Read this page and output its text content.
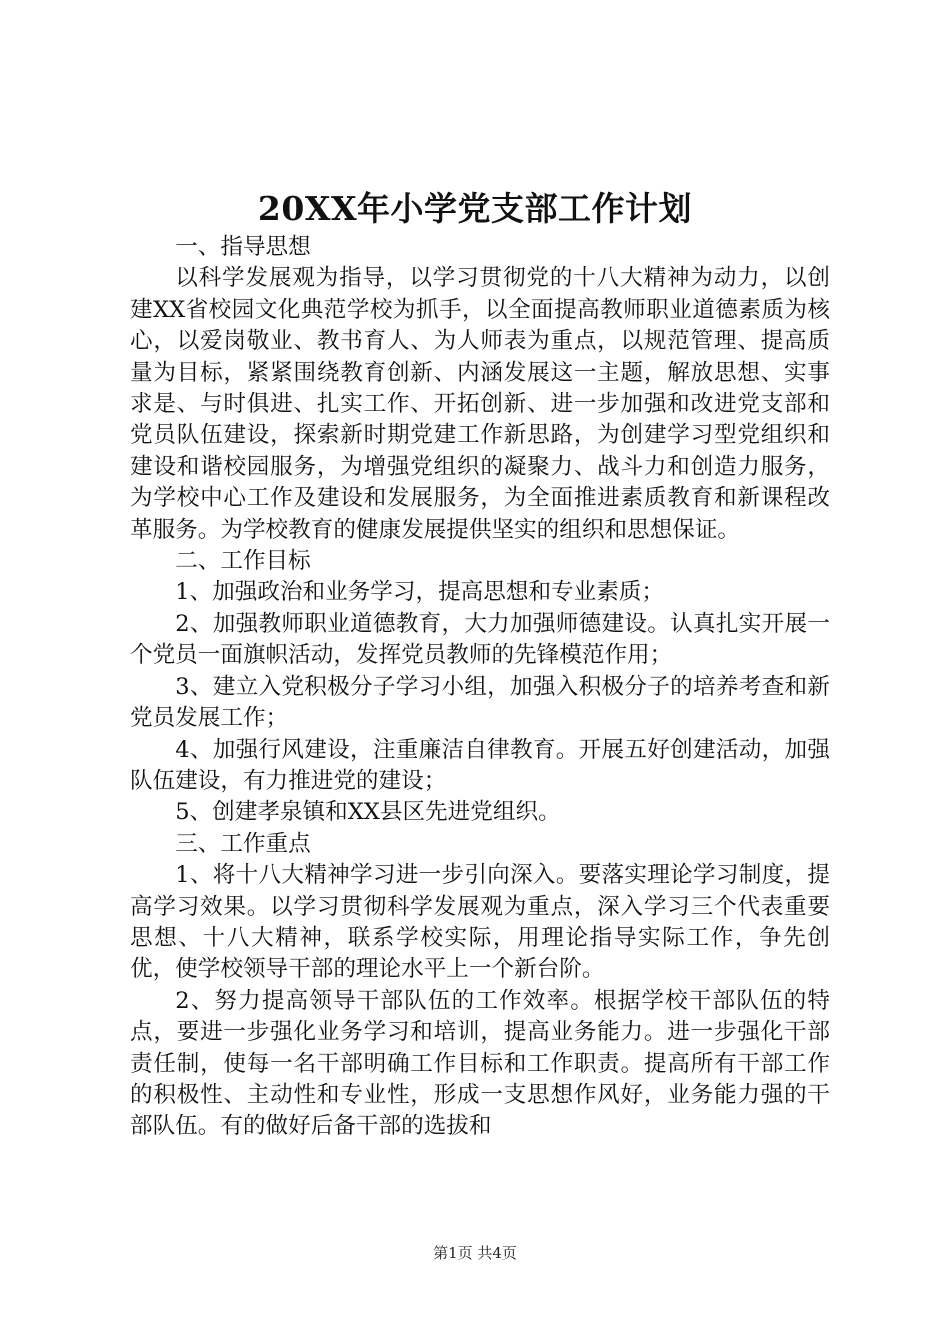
20XX年小学党支部工作计划

一、指导思想

以科学发展观为指导，以学习贯彻党的十八大精神为动力，以创建XX省校园文化典范学校为抓手，以全面提高教师职业道德素质为核心，以爱岗敬业、教书育人、为人师表为重点，以规范管理、提高质量为目标，紧紧围绕教育创新、内涵发展这一主题，解放思想、实事求是、与时俱进、扎实工作、开拓创新、进一步加强和改进党支部和党员队伍建设，探索新时期党建工作新思路，为创建学习型党组织和建设和谐校园服务，为增强党组织的凝聚力、战斗力和创造力服务，为学校中心工作及建设和发展服务，为全面推进素质教育和新课程改革服务。为学校教育的健康发展提供坚实的组织和思想保证。

二、工作目标

1、加强政治和业务学习，提高思想和专业素质；

2、加强教师职业道德教育，大力加强师德建设。认真扎实开展一个党员一面旗帜活动，发挥党员教师的先锋模范作用；

3、建立入党积极分子学习小组，加强入积极分子的培养考查和新党员发展工作；

4、加强行风建设，注重廉洁自律教育。开展五好创建活动，加强队伍建设，有力推进党的建设；

5、创建孝泉镇和XX县区先进党组织。

三、工作重点

1、将十八大精神学习进一步引向深入。要落实理论学习制度，提高学习效果。以学习贯彻科学发展观为重点，深入学习三个代表重要思想、十八大精神，联系学校实际，用理论指导实际工作，争先创优，使学校领导干部的理论水平上一个新台阶。

2、努力提高领导干部队伍的工作效率。根据学校干部队伍的特点，要进一步强化业务学习和培训，提高业务能力。进一步强化干部责任制，使每一名干部明确工作目标和工作职责。提高所有干部工作的积极性、主动性和专业性，形成一支思想作风好，业务能力强的干部队伍。有的做好后备干部的选拔和

第1页 共4页
